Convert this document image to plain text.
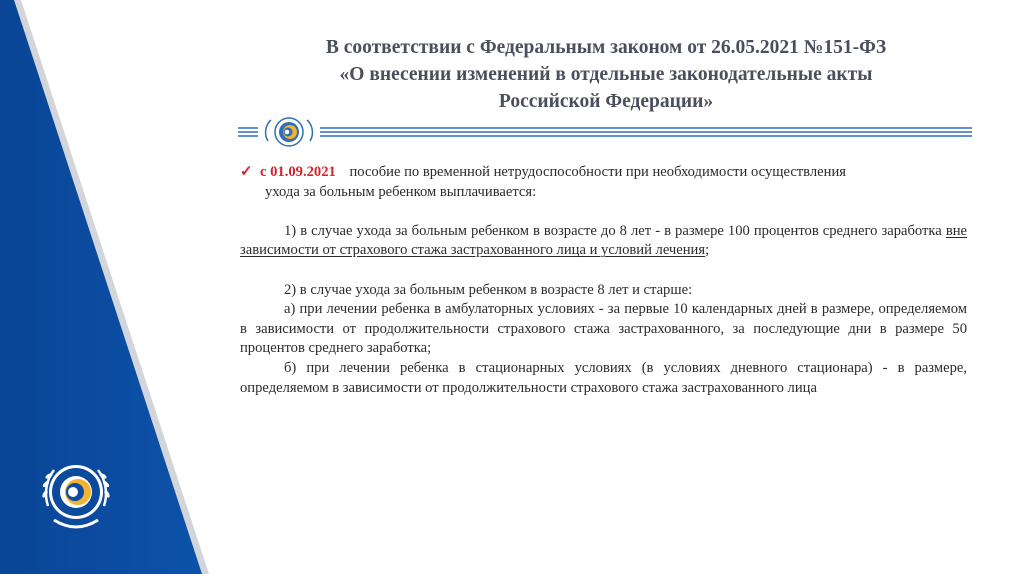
В соответствии с Федеральным законом от 26.05.2021 №151-ФЗ
«О внесении изменений в отдельные законодательные акты
Российской Федерации»

✓ с 01.09.2021 пособие по временной нетрудоспособности при необходимости осуществления

ухода за больным ребенком выплачивается:

1) в случае ухода за больным ребенком в возрасте до 8 лет - в размере 100 процентов среднего заработка вне зависимости от страхового стажа застрахованного лица и условий лечения;

2) в случае ухода за больным ребенком в возрасте 8 лет и старше:

а) при лечении ребенка в амбулаторных условиях - за первые 10 календарных дней в размере, определяемом в зависимости от продолжительности страхового стажа застрахованного, за последующие дни в размере 50 процентов среднего заработка;

б) при лечении ребенка в стационарных условиях (в условиях дневного стационара) - в размере, определяемом в зависимости от продолжительности страхового стажа застрахованного лица
